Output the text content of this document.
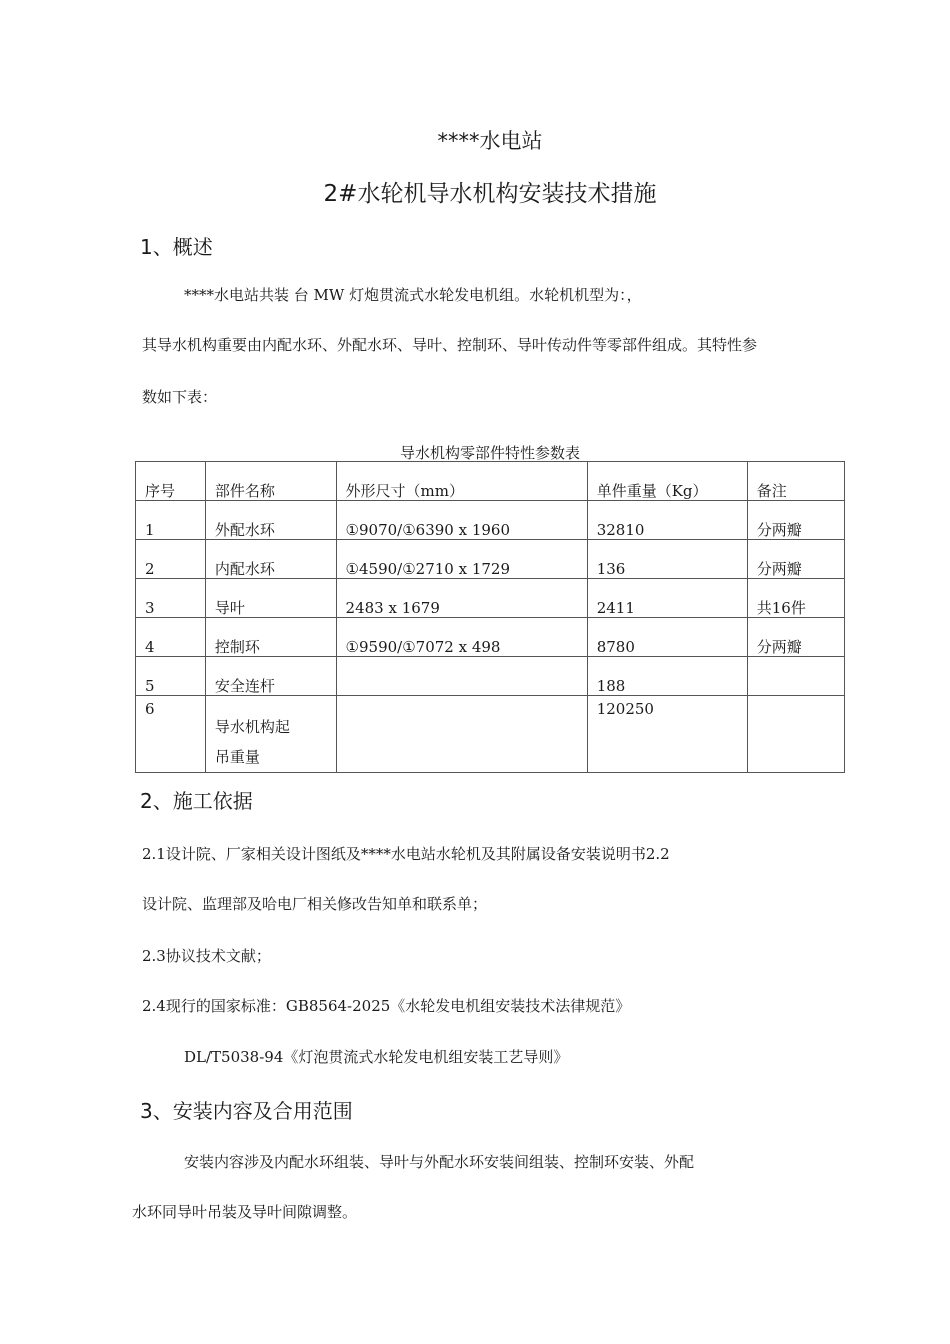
****水电站
2#水轮机导水机构安装技术措施
1、概述
****水电站共装 台 MW 灯炮贯流式水轮发电机组。水轮机机型为：，
其导水机构重要由内配水环、外配水环、导叶、控制环、导叶传动件等零部件组成。其特性参
数如下表：
导水机构零部件特性参数表
序号	部件名称	外形尺寸（mm）	单件重量（Kg）	备注
1	外配水环	①9070/①6390 x 1960	32810	分两瓣
2	内配水环	①4590/①2710 x 1729	136	分两瓣
3	导叶	2483 x 1679	2411	共16件
4	控制环	①9590/①7072 x 498	8780	分两瓣
5	安全连杆		188	
6	导水机构起
吊重量		120250	
2、施工依据
2.1设计院、厂家相关设计图纸及****水电站水轮机及其附属设备安装说明书2.2
设计院、监理部及哈电厂相关修改告知单和联系单；
2.3协议技术文献；
2.4现行的国家标准：GB8564-2025《水轮发电机组安装技术法律规范》
DL/T5038-94《灯泡贯流式水轮发电机组安装工艺导则》
3、安装内容及合用范围
安装内容涉及内配水环组装、导叶与外配水环安装间组装、控制环安装、外配
水环同导叶吊装及导叶间隙调整。
